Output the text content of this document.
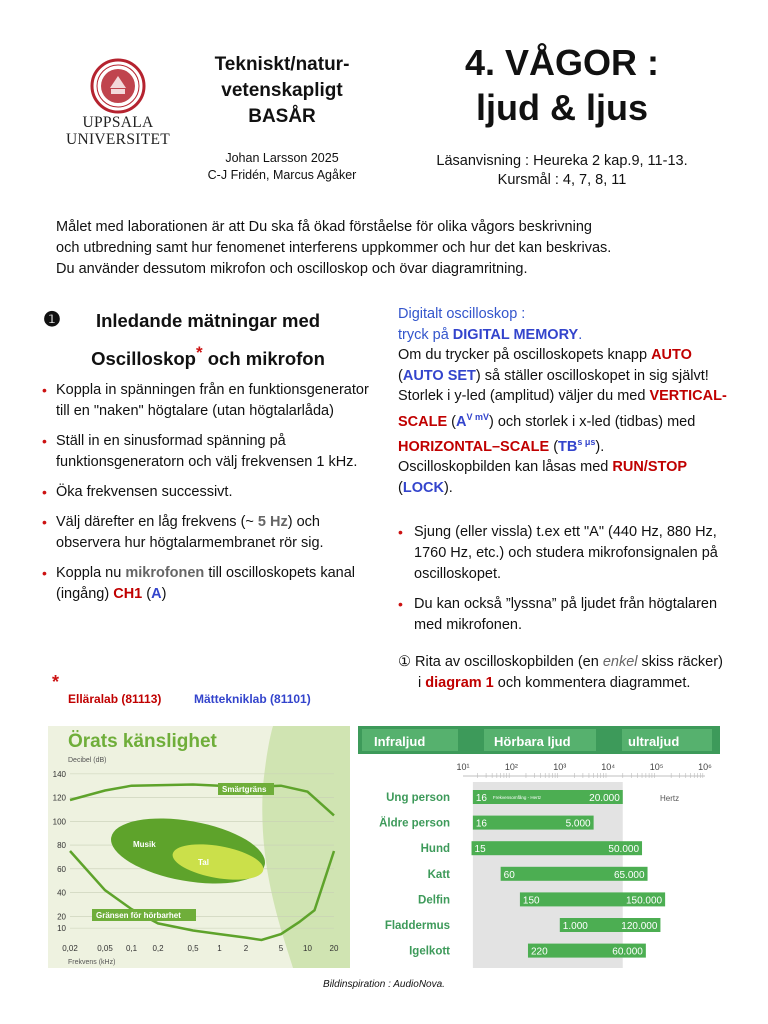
UPPSALA
UNIVERSITET
Tekniskt/natur-
vetenskapligt
BASÅR
Johan Larsson 2025
C-J Fridén, Marcus Agåker
4. VÅGOR :
ljud & ljus
Läsanvisning : Heureka 2 kap.9, 11-13.
Kursmål : 4, 7, 8, 11
Målet med laborationen är att Du ska få ökad förståelse för olika vågors beskrivning
och utbredning samt hur fenomenet interferens uppkommer och hur det kan beskrivas.
Du använder dessutom mikrofon och oscilloskop och övar diagramritning.
❶	Inledande mätningar med
Oscilloskop* och mikrofon
• Koppla in spänningen från en funktionsgenerator till en "naken" högtalare (utan högtalarlåda)
• Ställ in en sinusformad spänning på funktionsgeneratorn och välj frekvensen 1 kHz.
• Öka frekvensen successivt.
• Välj därefter en låg frekvens (~ 5 Hz) och observera hur högtalarmembranet rör sig.
• Koppla nu mikrofonen till oscilloskopets kanal (ingång) CH1 (A)
*
Elläralab (81113)	Mättekniklab (81101)
Digitalt oscilloskop :
tryck på DIGITAL MEMORY.
Om du trycker på oscilloskopets knapp AUTO (AUTO SET) så ställer oscilloskopet in sig självt!
Storlek i y-led (amplitud) väljer du med VERTICAL-SCALE $(A^{V mV})$ och storlek i x-led (tidbas) med HORIZONTAL–SCALE $(TB^{s \mu s})$.
Oscilloskopbilden kan låsas med RUN/STOP (LOCK).
• Sjung (eller vissla) t.ex ett "A" (440 Hz, 880 Hz, 1760 Hz, etc.) och studera mikrofonsignalen på oscilloskopet.
• Du kan också ”lyssna” på ljudet från högtalaren med mikrofonen.
① Rita av oscilloskopbilden (en enkel skiss räcker) i diagram 1 och kommentera diagrammet.
Örats känslighet
Decibel (dB)
Frekvens (kHz)
10
20
40
60
80
100
120
140
0,02 0,05 0,1 0,2	0,5 1	2	5 10 20
Musik
Tal
Smärtgräns
Gränsen för hörbarhet
Infraljud	Hörbara ljud	ultraljud
10¹	10²	10³	10⁴	10⁵	10⁶
Hertz
Ung person	16	20.000
Frekvensomfång - Hertz
Äldre person	16	5.000
Hund 15	50.000
Katt	60	65.000
Delfin	150	150.000
Fladdermus	1.000	120.000
Igelkott	220	60.000
Bildinspiration : AudioNova.
